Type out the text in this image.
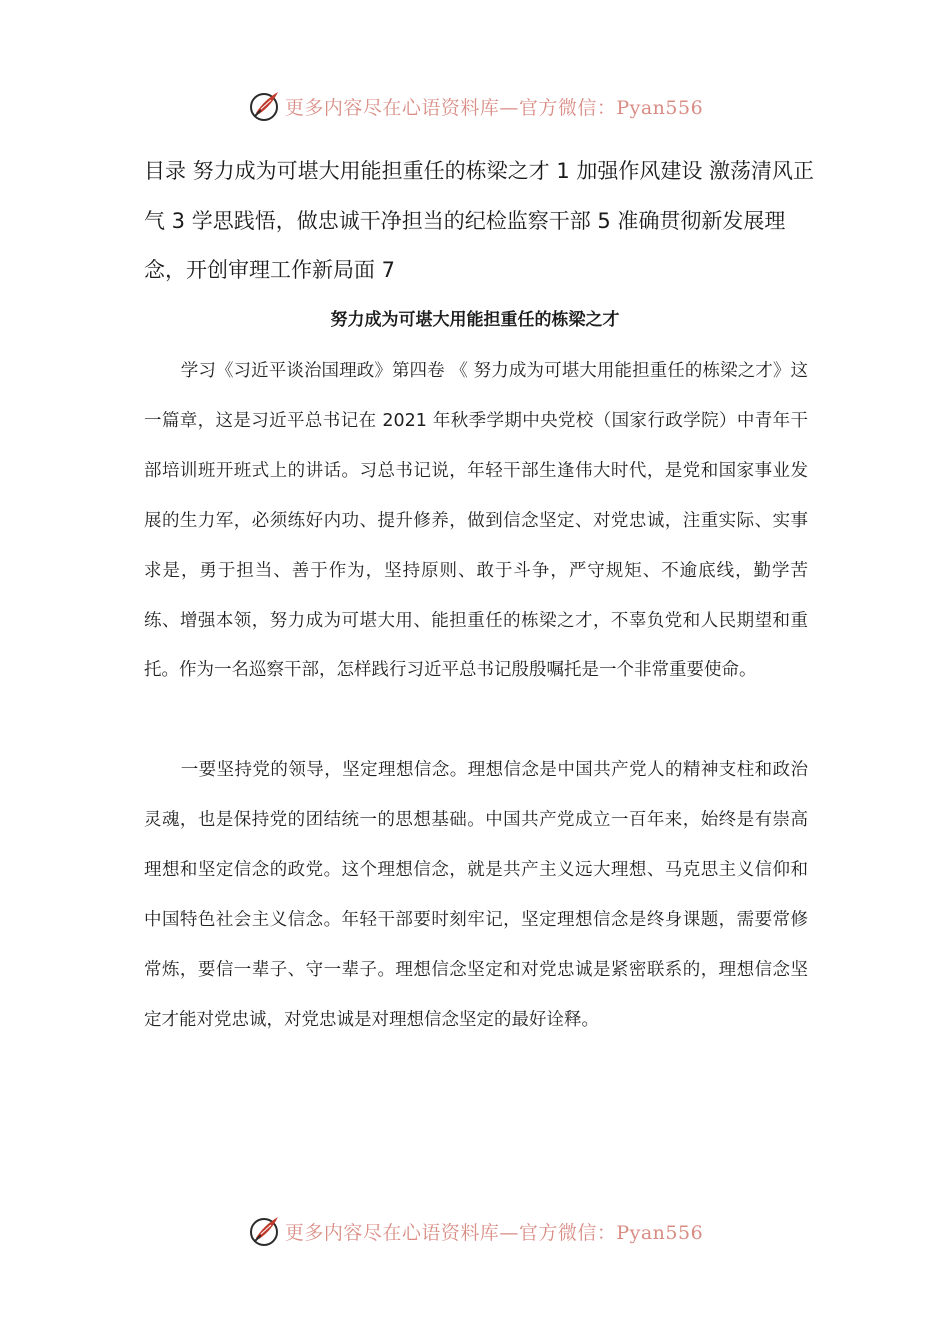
更多内容尽在心语资料库—官方微信：Pyan556

目录 努力成为可堪大用能担重任的栋梁之才 1 加强作风建设 激荡清风正气 3 学思践悟，做忠诚干净担当的纪检监察干部 5 准确贯彻新发展理念，开创审理工作新局面 7

努力成为可堪大用能担重任的栋梁之才

学习《习近平谈治国理政》第四卷 《 努力成为可堪大用能担重任的栋梁之才》这一篇章，这是习近平总书记在 2021 年秋季学期中央党校（国家行政学院）中青年干部培训班开班式上的讲话。习总书记说，年轻干部生逢伟大时代，是党和国家事业发展的生力军，必须练好内功、提升修养，做到信念坚定、对党忠诚，注重实际、实事求是，勇于担当、善于作为，坚持原则、敢于斗争，严守规矩、不逾底线，勤学苦练、增强本领，努力成为可堪大用、能担重任的栋梁之才，不辜负党和人民期望和重托。作为一名巡察干部，怎样践行习近平总书记殷殷嘱托是一个非常重要使命。

一要坚持党的领导，坚定理想信念。理想信念是中国共产党人的精神支柱和政治灵魂，也是保持党的团结统一的思想基础。中国共产党成立一百年来，始终是有崇高理想和坚定信念的政党。这个理想信念，就是共产主义远大理想、马克思主义信仰和中国特色社会主义信念。年轻干部要时刻牢记，坚定理想信念是终身课题，需要常修常炼，要信一辈子、守一辈子。理想信念坚定和对党忠诚是紧密联系的，理想信念坚定才能对党忠诚，对党忠诚是对理想信念坚定的最好诠释。

更多内容尽在心语资料库—官方微信：Pyan556
